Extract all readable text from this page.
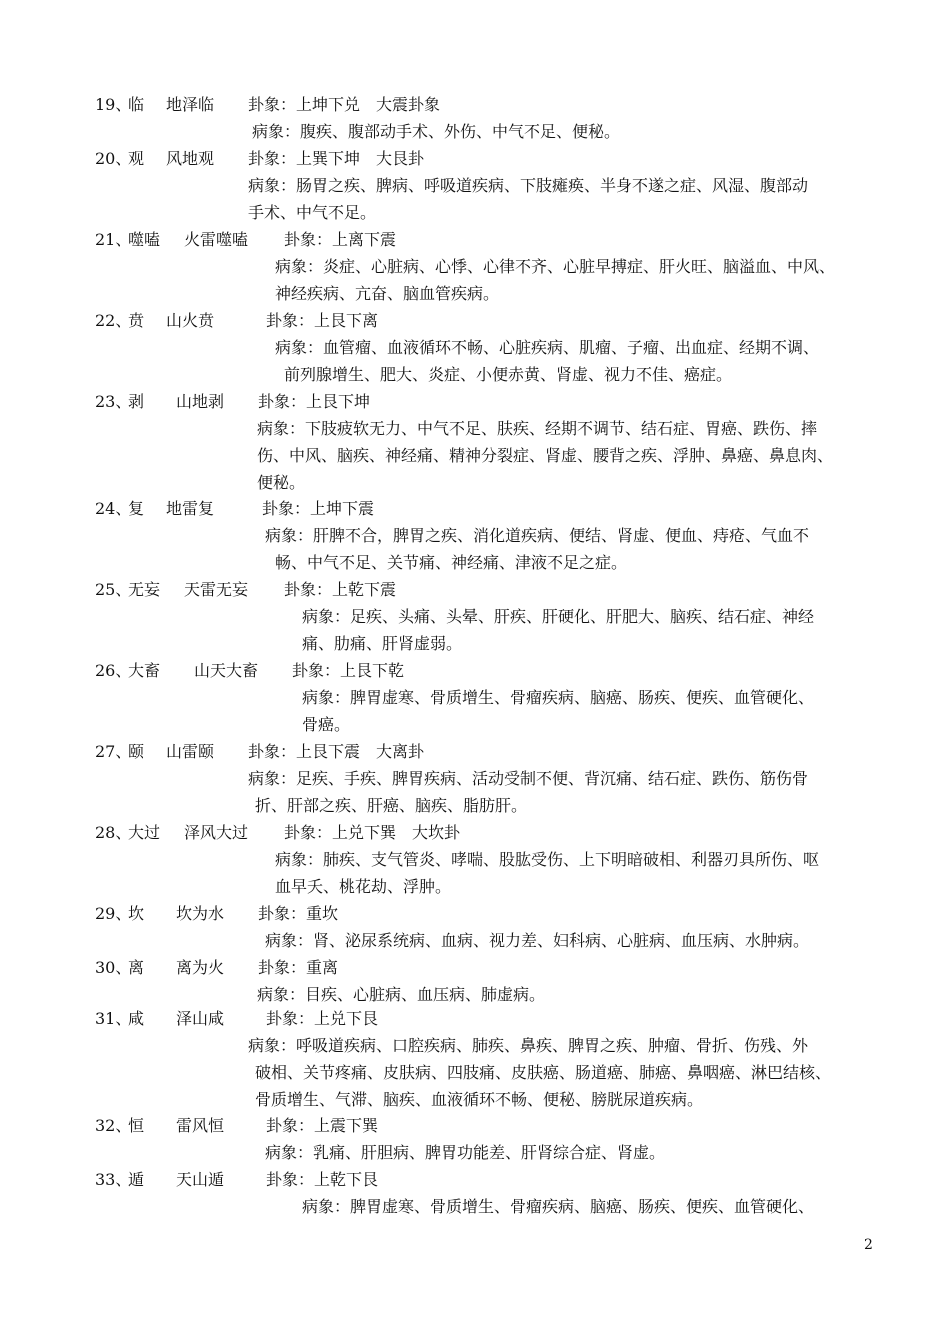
19、
临 地泽临 卦象：上坤下兑　大震卦象
病象：腹疾、腹部动手术、外伤、中气不足、便秘。
20、
观 风地观 卦象：上巽下坤　大艮卦
病象：肠胃之疾、脾病、呼吸道疾病、下肢瘫痪、半身不遂之症、风湿、腹部动
手术、中气不足。
21、
噬嗑 火雷噬嗑 卦象：上离下震
病象：炎症、心脏病、心悸、心律不齐、心脏早搏症、肝火旺、脑溢血、中风、
神经疾病、亢奋、脑血管疾病。
22、
贲 山火贲	卦象：上艮下离
病象：血管瘤、血液循环不畅、心脏疾病、肌瘤、子瘤、出血症、经期不调、
前列腺增生、肥大、炎症、小便赤黄、肾虚、视力不佳、癌症。
23、
剥 山地剥 卦象：上艮下坤
病象：下肢疲软无力、中气不足、肤疾、经期不调节、结石症、胃癌、跌伤、摔
伤、中风、脑疾、神经痛、精神分裂症、肾虚、腰背之疾、浮肿、鼻癌、鼻息肉、
便秘。
24、
复 地雷复	卦象：上坤下震
病象：肝脾不合，脾胃之疾、消化道疾病、便结、肾虚、便血、痔疮、气血不
畅、中气不足、关节痛、神经痛、津液不足之症。
25、
无妄 天雷无妄 卦象：上乾下震
病象：足疾、头痛、头晕、肝疾、肝硬化、肝肥大、脑疾、结石症、神经
痛、肋痛、肝肾虚弱。
26、
大畜 山天大畜 卦象：上艮下乾
病象：脾胃虚寒、骨质增生、骨瘤疾病、脑癌、肠疾、便疾、血管硬化、
骨癌。
27、
颐 山雷颐 卦象：上艮下震　大离卦
病象：足疾、手疾、脾胃疾病、活动受制不便、背沉痛、结石症、跌伤、筋伤骨
折、肝部之疾、肝癌、脑疾、脂肪肝。
28、
大过 泽风大过 卦象：上兑下巽　大坎卦
病象：肺疾、支气管炎、哮喘、股肱受伤、上下明暗破相、利器刃具所伤、呕
血早夭、桃花劫、浮肿。
29、
坎 坎为水 卦象：重坎
病象：肾、泌尿系统病、血病、视力差、妇科病、心脏病、血压病、水肿病。
30、
离 离为火 卦象：重离
病象：目疾、心脏病、血压病、肺虚病。
31、
咸 泽山咸	卦象：上兑下艮
病象：呼吸道疾病、口腔疾病、肺疾、鼻疾、脾胃之疾、肿瘤、骨折、伤残、外
破相、关节疼痛、皮肤病、四肢痛、皮肤癌、肠道癌、肺癌、鼻咽癌、淋巴结核、
骨质增生、气滞、脑疾、血液循环不畅、便秘、膀胱尿道疾病。
32、
恒 雷风恒	卦象：上震下巽
病象：乳痛、肝胆病、脾胃功能差、肝肾综合症、肾虚。
33、
遁 天山遁	卦象：上乾下艮
病象：脾胃虚寒、骨质增生、骨瘤疾病、脑癌、肠疾、便疾、血管硬化、
2
